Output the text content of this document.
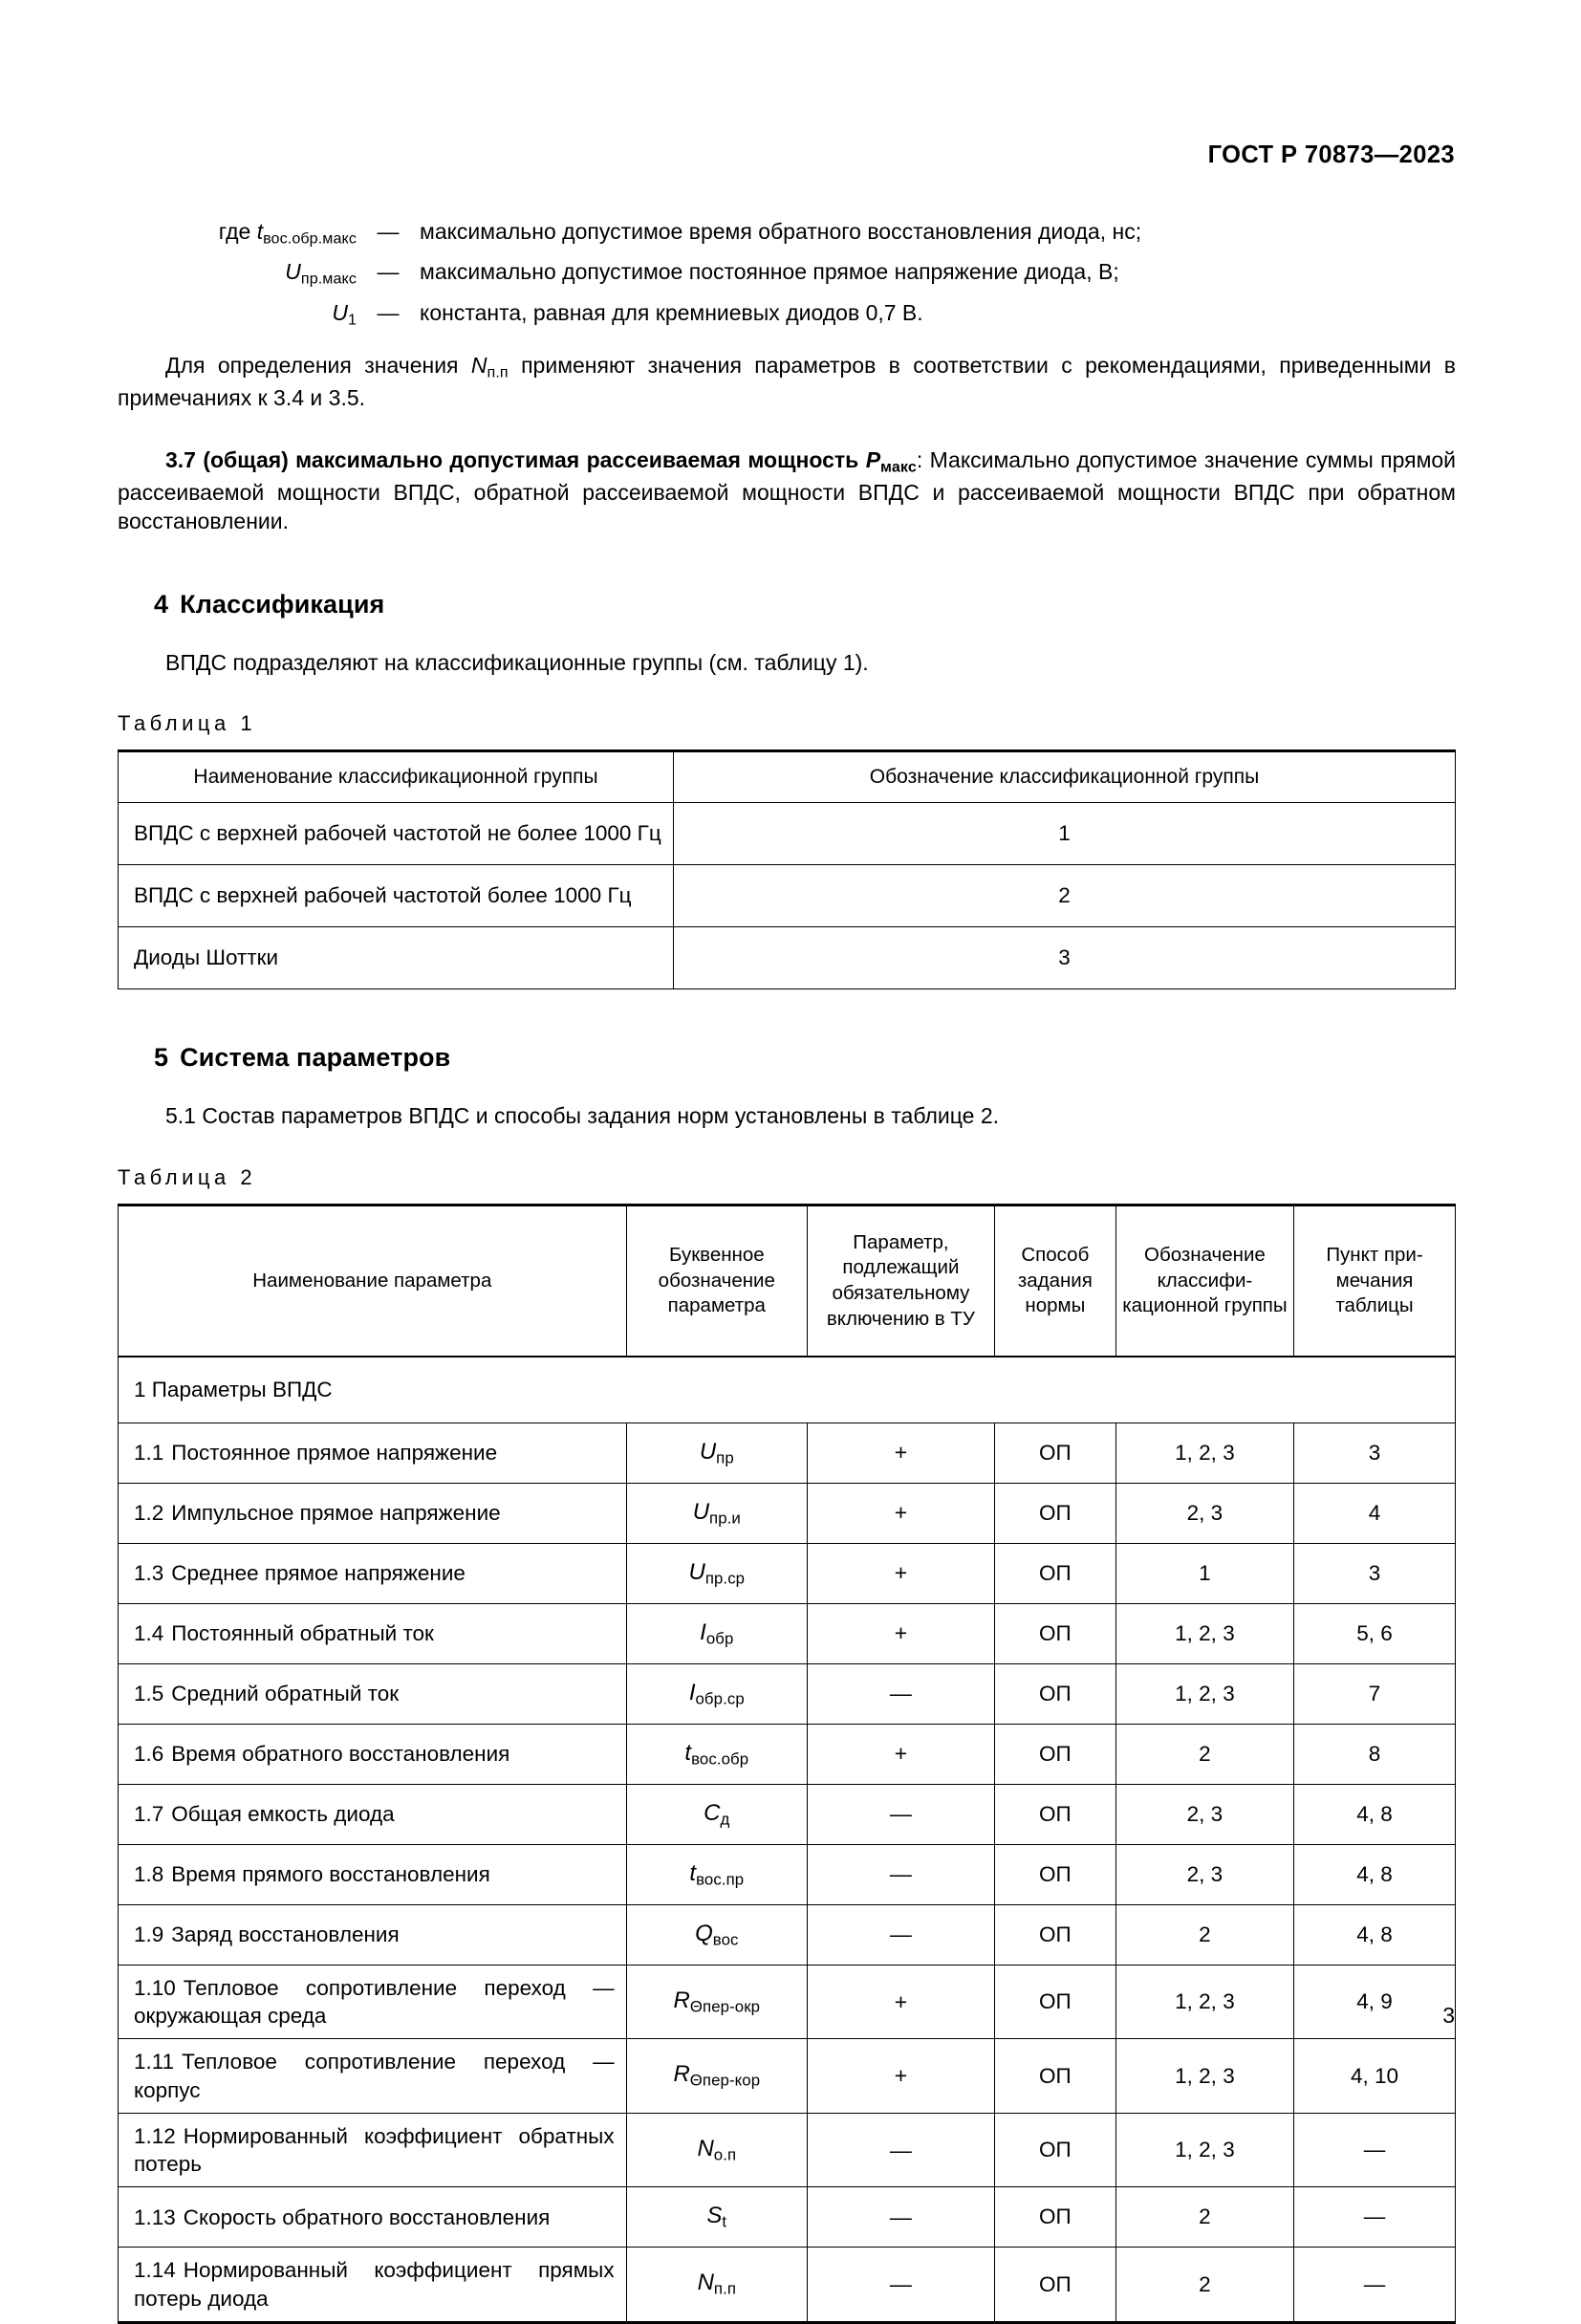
ГОСТ Р 70873—2023
где $t_{вос.обр.макс}$	—	максимально допустимое время обратного восстановления диода, нс;
$U_{пр.макс}$	—	максимально допустимое постоянное прямое напряжение диода, В;
$U_1$	—	константа, равная для кремниевых диодов 0,7 В.

Для определения значения $N_{п.п}$ применяют значения параметров в соответствии с рекомендациями, приведенными в примечаниях к 3.4 и 3.5.

3.7 (общая) максимально допустимая рассеиваемая мощность $P_{макс}$: Максимально допустимое значение суммы прямой рассеиваемой мощности ВПДС, обратной рассеиваемой мощности ВПДС и рассеиваемой мощности ВПДС при обратном восстановлении.

4 Классификация

ВПДС подразделяют на классификационные группы (см. таблицу 1).

Таблица 1
Наименование классификационной группы	Обозначение классификационной группы
ВПДС с верхней рабочей частотой не более 1000 Гц	1
ВПДС с верхней рабочей частотой более 1000 Гц	2
Диоды Шоттки	3
5 Система параметров

5.1 Состав параметров ВПДС и способы задания норм установлены в таблице 2.

Таблица 2
Наименование параметра	Буквенное обозначение параметра	Параметр, подлежащий обязательному включению в ТУ	Способ задания нормы	Обозначение классифи-кационной группы	Пункт при-мечания таблицы
1 Параметры ВПДС					
1.1 Постоянное прямое напряжение	$U_{пр}$	+	ОП	1, 2, 3	3
1.2 Импульсное прямое напряжение	$U_{пр.и}$	+	ОП	2, 3	4
1.3 Среднее прямое напряжение	$U_{пр.ср}$	+	ОП	1	3
1.4 Постоянный обратный ток	$I_{обр}$	+	ОП	1, 2, 3	5, 6
1.5 Средний обратный ток	$I_{обр.ср}$	—	ОП	1, 2, 3	7
1.6 Время обратного восстановления	$t_{вос.обр}$	+	ОП	2	8
1.7 Общая емкость диода	$C_д$	—	ОП	2, 3	4, 8
1.8 Время прямого восстановления	$t_{вос.пр}$	—	ОП	2, 3	4, 8
1.9 Заряд восстановления	$Q_{вос}$	—	ОП	2	4, 8
1.10 Тепловое сопротивление переход — окружающая среда	$R_{\Theta пер-окр}$	+	ОП	1, 2, 3	4, 9
1.11 Тепловое сопротивление переход — корпус	$R_{\Theta пер-кор}$	+	ОП	1, 2, 3	4, 10
1.12 Нормированный коэффициент обратных потерь	$N_{о.п}$	—	ОП	1, 2, 3	—
1.13 Скорость обратного восстановления	$S_t$	—	ОП	2	—
1.14 Нормированный коэффициент прямых потерь диода	$N_{п.п}$	—	ОП	2	—
3
